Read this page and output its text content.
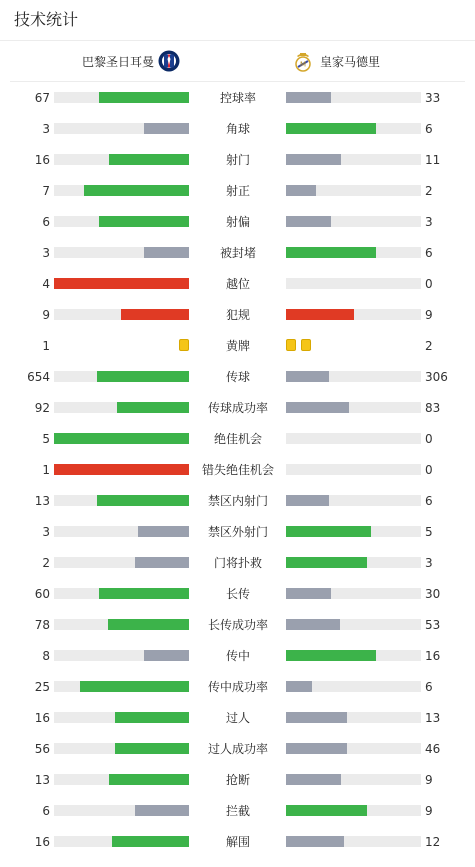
技术统计
巴黎圣日耳曼	M 皇家马德里
67	控球率	33
3	角球	6
16	射门	11
7	射正	2
6	射偏	3
3	被封堵	6
4	越位	0
9	犯规	9
1	黄牌	2
654	传球	306
92	传球成功率	83
5	绝佳机会	0
1	错失绝佳机会	0
13	禁区内射门	6
3	禁区外射门	5
2	门将扑救	3
60	长传	30
78	长传成功率	53
8	传中	16
25	传中成功率	6
16	过人	13
56	过人成功率	46
13	抢断	9
6	拦截	9
16	解围	12
